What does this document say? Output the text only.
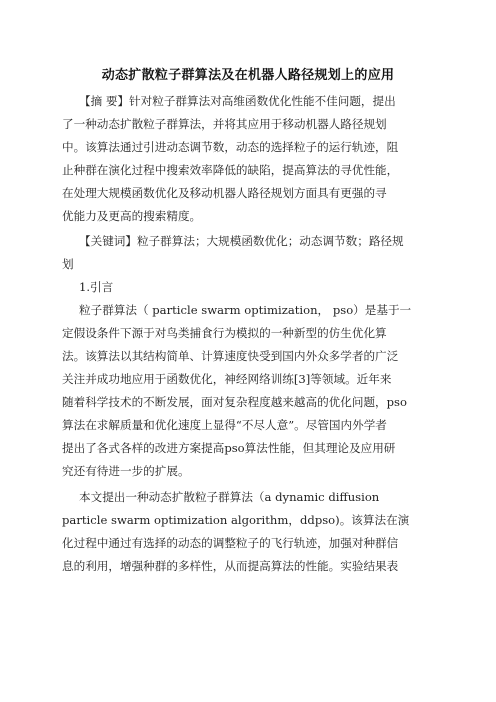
动态扩散粒子群算法及在机器人路径规划上的应用
【摘 要】针对粒子群算法对高维函数优化性能不佳问题，提出
了一种动态扩散粒子群算法，并将其应用于移动机器人路径规划
中。该算法通过引进动态调节数，动态的选择粒子的运行轨迹，阻
止种群在演化过程中搜索效率降低的缺陷，提高算法的寻优性能，
在处理大规模函数优化及移动机器人路径规划方面具有更强的寻
优能力及更高的搜索精度。
【关键词】粒子群算法；大规模函数优化；动态调节数；路径规
划
1.引言
粒子群算法（ particle swarm optimization， pso）是基于一
定假设条件下源于对鸟类捕食行为模拟的一种新型的仿生优化算
法。该算法以其结构简单、计算速度快受到国内外众多学者的广泛
关注并成功地应用于函数优化，神经网络训练[3]等领域。近年来
随着科学技术的不断发展，面对复杂程度越来越高的优化问题，pso
算法在求解质量和优化速度上显得“不尽人意”。尽管国内外学者
提出了各式各样的改进方案提高pso算法性能，但其理论及应用研
究还有待进一步的扩展。
本文提出一种动态扩散粒子群算法（a dynamic diffusion
particle swarm optimization algorithm，ddpso)。该算法在演
化过程中通过有选择的动态的调整粒子的飞行轨迹，加强对种群信
息的利用，增强种群的多样性，从而提高算法的性能。实验结果表
